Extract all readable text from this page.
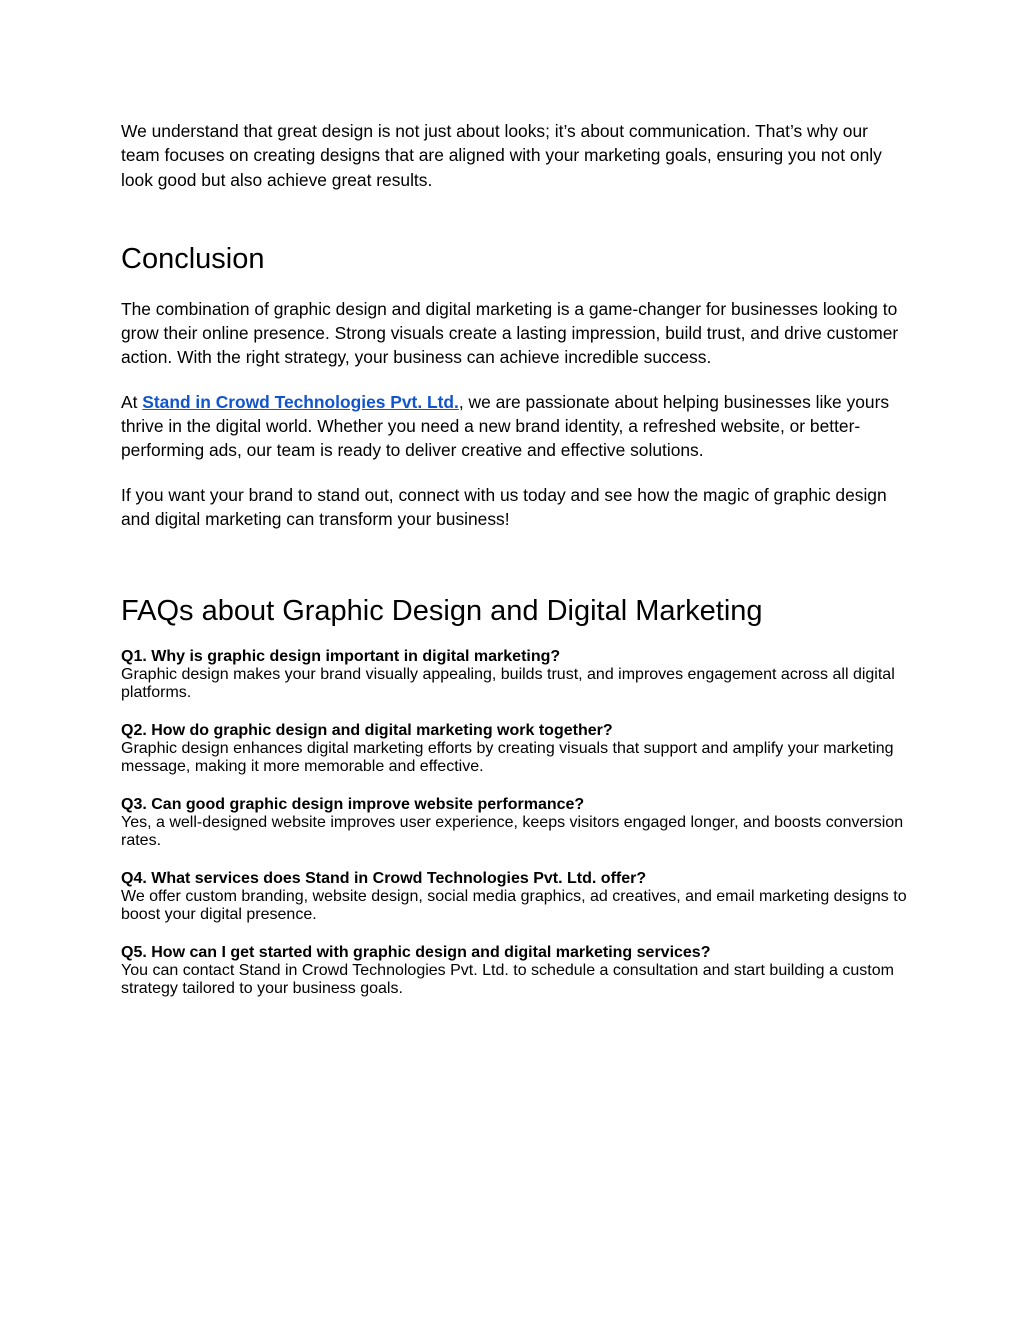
We understand that great design is not just about looks; it’s about communication. That’s why our team focuses on creating designs that are aligned with your marketing goals, ensuring you not only look good but also achieve great results.

Conclusion

The combination of graphic design and digital marketing is a game-changer for businesses looking to grow their online presence. Strong visuals create a lasting impression, build trust, and drive customer action. With the right strategy, your business can achieve incredible success.

At Stand in Crowd Technologies Pvt. Ltd., we are passionate about helping businesses like yours thrive in the digital world. Whether you need a new brand identity, a refreshed website, or better-performing ads, our team is ready to deliver creative and effective solutions.

If you want your brand to stand out, connect with us today and see how the magic of graphic design and digital marketing can transform your business!

FAQs about Graphic Design and Digital Marketing
Q1. Why is graphic design important in digital marketing?
Graphic design makes your brand visually appealing, builds trust, and improves engagement across all digital platforms.
Q2. How do graphic design and digital marketing work together?
Graphic design enhances digital marketing efforts by creating visuals that support and amplify your marketing message, making it more memorable and effective.
Q3. Can good graphic design improve website performance?
Yes, a well-designed website improves user experience, keeps visitors engaged longer, and boosts conversion rates.
Q4. What services does Stand in Crowd Technologies Pvt. Ltd. offer?
We offer custom branding, website design, social media graphics, ad creatives, and email marketing designs to boost your digital presence.
Q5. How can I get started with graphic design and digital marketing services?
You can contact Stand in Crowd Technologies Pvt. Ltd. to schedule a consultation and start building a custom strategy tailored to your business goals.
